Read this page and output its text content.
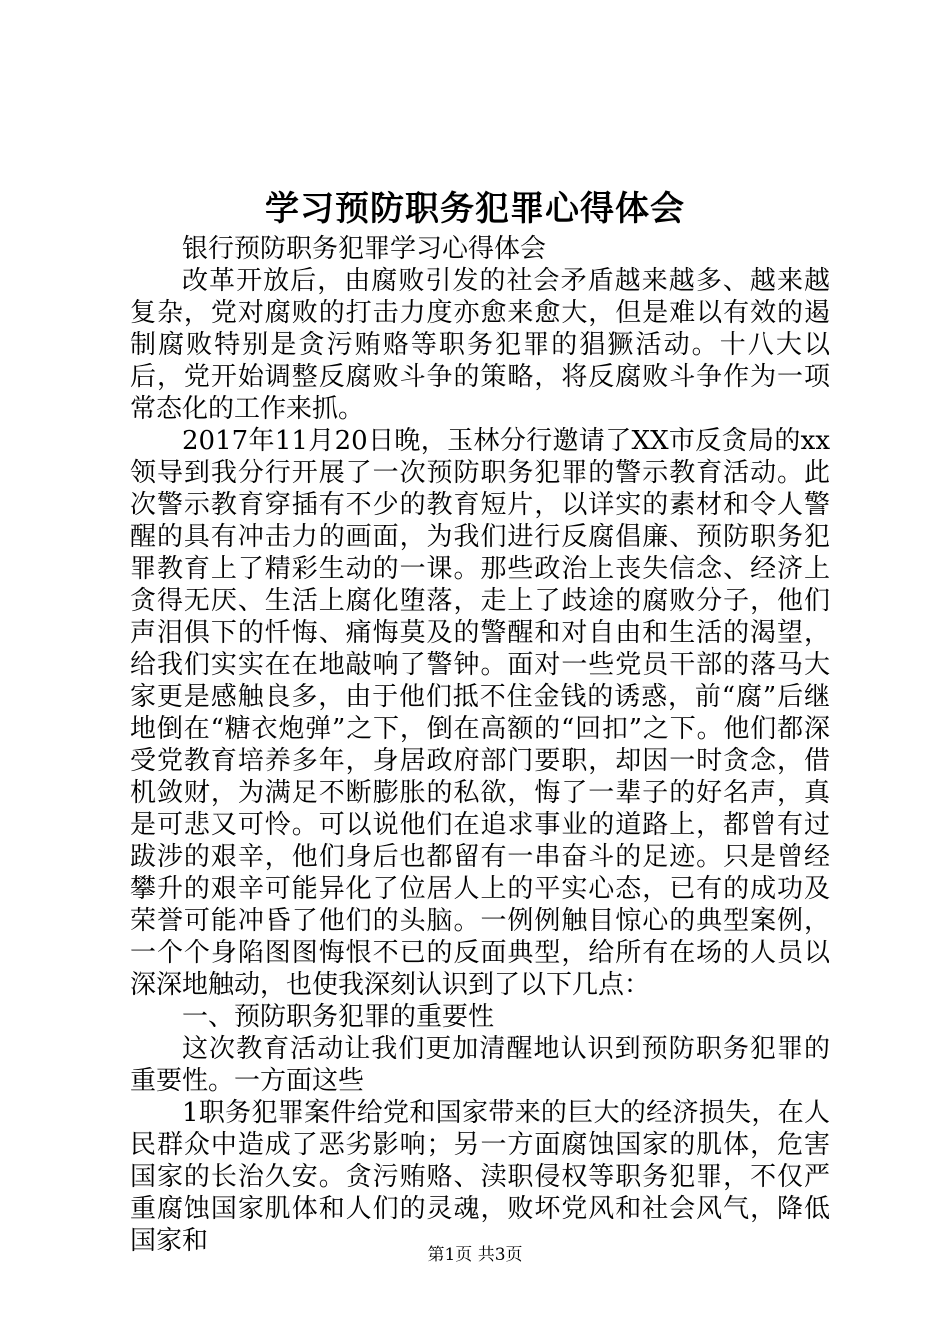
学习预防职务犯罪心得体会

银行预防职务犯罪学习心得体会

改革开放后，由腐败引发的社会矛盾越来越多、越来越复杂，党对腐败的打击力度亦愈来愈大，但是难以有效的遏制腐败特别是贪污贿赂等职务犯罪的猖獗活动。十八大以后，党开始调整反腐败斗争的策略，将反腐败斗争作为一项常态化的工作来抓。

2017年11月20日晚，玉林分行邀请了XX市反贪局的xx领导到我分行开展了一次预防职务犯罪的警示教育活动。此次警示教育穿插有不少的教育短片，以详实的素材和令人警醒的具有冲击力的画面，为我们进行反腐倡廉、预防职务犯罪教育上了精彩生动的一课。那些政治上丧失信念、经济上贪得无厌、生活上腐化堕落，走上了歧途的腐败分子，他们声泪俱下的忏悔、痛悔莫及的警醒和对自由和生活的渴望，给我们实实在在地敲响了警钟。面对一些党员干部的落马大家更是感触良多，由于他们抵不住金钱的诱惑，前“腐”后继地倒在“糖衣炮弹”之下，倒在高额的“回扣”之下。他们都深受党教育培养多年，身居政府部门要职，却因一时贪念，借机敛财，为满足不断膨胀的私欲，悔了一辈子的好名声，真是可悲又可怜。可以说他们在追求事业的道路上，都曾有过跋涉的艰辛，他们身后也都留有一串奋斗的足迹。只是曾经攀升的艰辛可能异化了位居人上的平实心态，已有的成功及荣誉可能冲昏了他们的头脑。一例例触目惊心的典型案例，一个个身陷图图悔恨不已的反面典型，给所有在场的人员以深深地触动，也使我深刻认识到了以下几点：

一、预防职务犯罪的重要性

这次教育活动让我们更加清醒地认识到预防职务犯罪的重要性。一方面这些

1职务犯罪案件给党和国家带来的巨大的经济损失，在人民群众中造成了恶劣影响；另一方面腐蚀国家的肌体，危害国家的长治久安。贪污贿赂、渎职侵权等职务犯罪，不仅严重腐蚀国家肌体和人们的灵魂，败坏党风和社会风气，降低国家和	第1页 共3页
